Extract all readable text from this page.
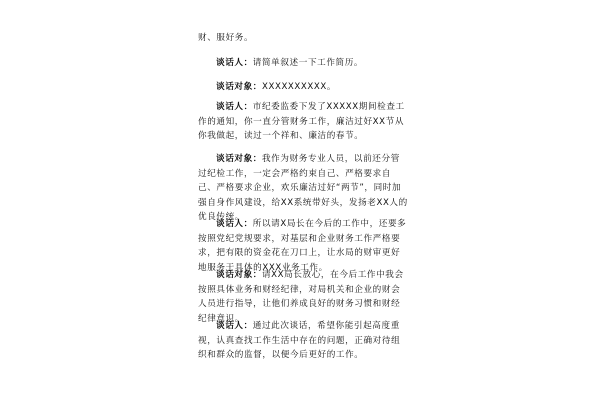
财、服好务。

谈话人：请简单叙述一下工作简历。

谈话对象：XXXXXXXXXX。

谈话人：市纪委监委下发了XXXXX期间检查工作的通知，你一直分管财务工作，廉洁过好XX节从你我做起，读过一个祥和、廉洁的春节。

谈话对象：我作为财务专业人员，以前还分管过纪检工作，一定会严格约束自己、严格要求自己、严格要求企业，欢乐廉洁过好“两节”，同时加强自身作风建设，给XX系统带好头，发扬老XX人的优良传统。

谈话人：所以请X局长在今后的工作中，还要多按照党纪党规要求，对基层和企业财务工作严格要求，把有限的资金花在刀口上，让水局的财审更好地服务于具体的XXX业务工作。

谈话对象：请XX局长放心，在今后工作中我会按照具体业务和财经纪律，对局机关和企业的财会人员进行指导，让他们养成良好的财务习惯和财经纪律意识。

谈话人：通过此次谈话，希望你能引起高度重视，认真查找工作生活中存在的问题，正确对待组织和群众的监督，以便今后更好的工作。
